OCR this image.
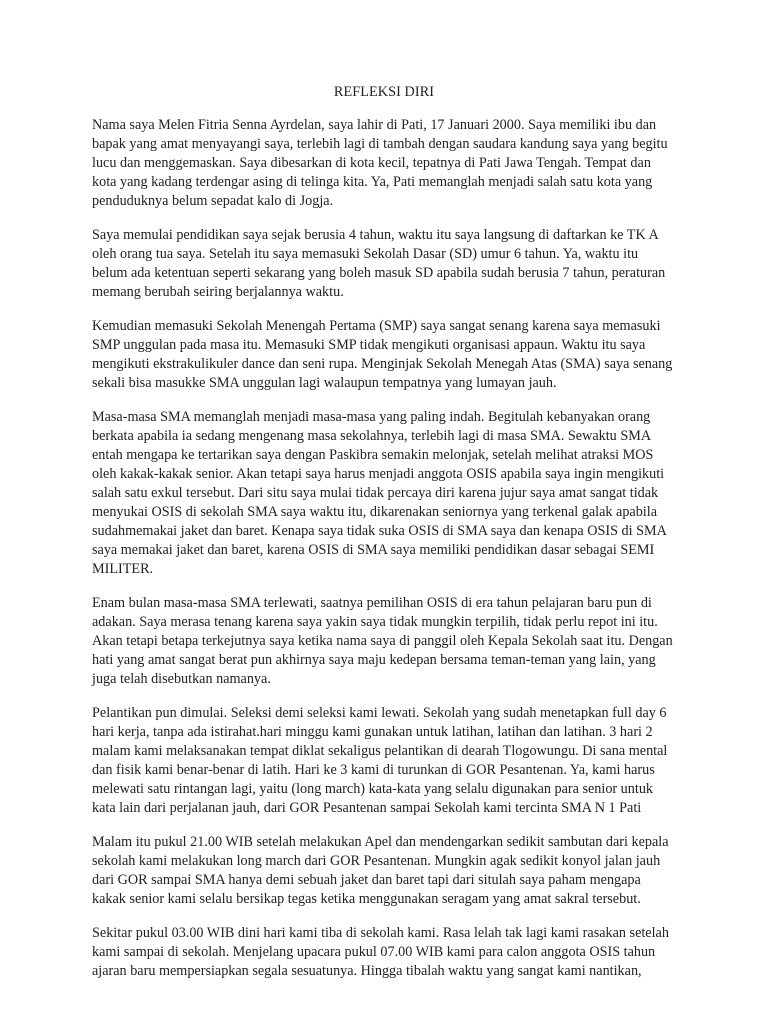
REFLEKSI DIRI

Nama saya Melen Fitria Senna Ayrdelan, saya lahir di Pati, 17 Januari 2000. Saya memiliki ibu dan
bapak yang amat menyayangi saya, terlebih lagi di tambah dengan saudara kandung saya yang begitu
lucu dan menggemaskan. Saya dibesarkan di kota kecil, tepatnya di Pati Jawa Tengah. Tempat dan
kota yang kadang terdengar asing di telinga kita. Ya, Pati memanglah menjadi salah satu kota yang
penduduknya belum sepadat kalo di Jogja.

Saya memulai pendidikan saya sejak berusia 4 tahun, waktu itu saya langsung di daftarkan ke TK A
oleh orang tua saya. Setelah itu saya memasuki Sekolah Dasar (SD) umur 6 tahun. Ya, waktu itu
belum ada ketentuan seperti sekarang yang boleh masuk SD apabila sudah berusia 7 tahun, peraturan
memang berubah seiring berjalannya waktu.

Kemudian memasuki Sekolah Menengah Pertama (SMP) saya sangat senang karena saya memasuki
SMP unggulan pada masa itu. Memasuki SMP tidak mengikuti organisasi appaun. Waktu itu saya
mengikuti ekstrakulikuler dance dan seni rupa. Menginjak Sekolah Menegah Atas (SMA) saya senang
sekali bisa masukke SMA unggulan lagi walaupun tempatnya yang lumayan jauh.

Masa-masa SMA memanglah menjadi masa-masa yang paling indah. Begitulah kebanyakan orang
berkata apabila ia sedang mengenang masa sekolahnya, terlebih lagi di masa SMA. Sewaktu SMA
entah mengapa ke tertarikan saya dengan Paskibra semakin melonjak, setelah melihat atraksi MOS
oleh kakak-kakak senior. Akan tetapi saya harus menjadi anggota OSIS apabila saya ingin mengikuti
salah satu exkul tersebut. Dari situ saya mulai tidak percaya diri karena jujur saya amat sangat tidak
menyukai OSIS di sekolah SMA saya waktu itu, dikarenakan seniornya yang terkenal galak apabila
sudahmemakai jaket dan baret. Kenapa saya tidak suka OSIS di SMA saya dan kenapa OSIS di SMA
saya memakai jaket dan baret, karena OSIS di SMA saya memiliki pendidikan dasar sebagai SEMI
MILITER.

Enam bulan masa-masa SMA terlewati, saatnya pemilihan OSIS di era tahun pelajaran baru pun di
adakan. Saya merasa tenang karena saya yakin saya tidak mungkin terpilih, tidak perlu repot ini itu.
Akan tetapi betapa terkejutnya saya ketika nama saya di panggil oleh Kepala Sekolah saat itu. Dengan
hati yang amat sangat berat pun akhirnya saya maju kedepan bersama teman-teman yang lain, yang
juga telah disebutkan namanya.

Pelantikan pun dimulai. Seleksi demi seleksi kami lewati. Sekolah yang sudah menetapkan full day 6
hari kerja, tanpa ada istirahat.hari minggu kami gunakan untuk latihan, latihan dan latihan. 3 hari 2
malam kami melaksanakan tempat diklat sekaligus pelantikan di dearah Tlogowungu. Di sana mental
dan fisik kami benar-benar di latih. Hari ke 3 kami di turunkan di GOR Pesantenan. Ya, kami harus
melewati satu rintangan lagi, yaitu (long march) kata-kata yang selalu digunakan para senior untuk
kata lain dari perjalanan jauh, dari GOR Pesantenan sampai Sekolah kami tercinta SMA N 1 Pati

Malam itu pukul 21.00 WIB setelah melakukan Apel dan mendengarkan sedikit sambutan dari kepala
sekolah kami melakukan long march dari GOR Pesantenan. Mungkin agak sedikit konyol jalan jauh
dari GOR sampai SMA hanya demi sebuah jaket dan baret tapi dari situlah saya paham mengapa
kakak senior kami selalu bersikap tegas ketika menggunakan seragam yang amat sakral tersebut.

Sekitar pukul 03.00 WIB dini hari kami tiba di sekolah kami. Rasa lelah tak lagi kami rasakan setelah
kami sampai di sekolah. Menjelang upacara pukul 07.00 WIB kami para calon anggota OSIS tahun
ajaran baru mempersiapkan segala sesuatunya. Hingga tibalah waktu yang sangat kami nantikan,
